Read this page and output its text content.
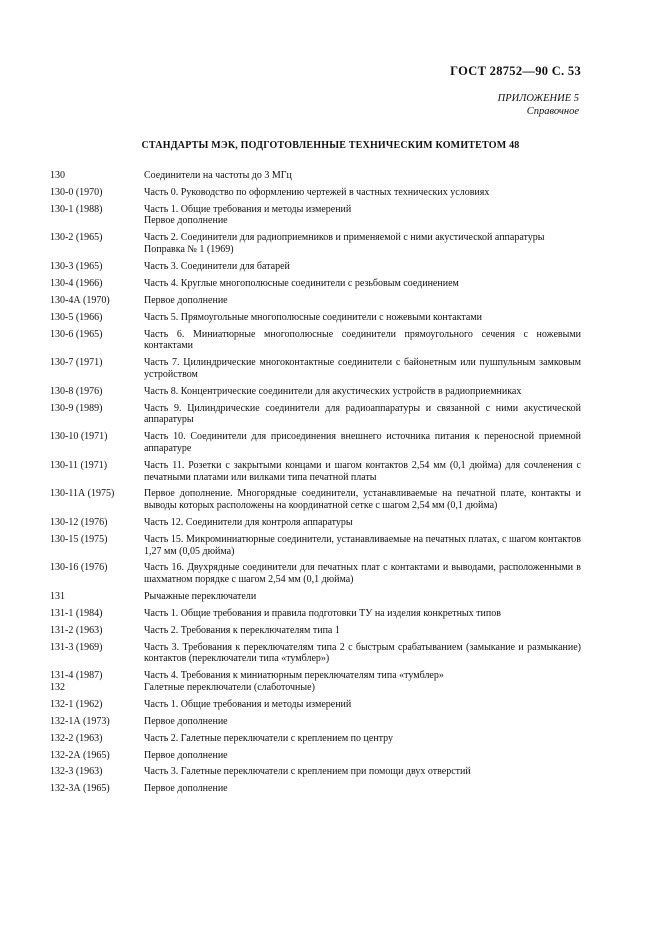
ГОСТ 28752—90 С. 53
ПРИЛОЖЕНИЕ 5
Справочное
СТАНДАРТЫ МЭК, ПОДГОТОВЛЕННЫЕ ТЕХНИЧЕСКИМ КОМИТЕТОМ 48
130	Соединители на частоты до 3 МГц
130-0 (1970)	Часть 0. Руководство по оформлению чертежей в частных технических условиях
130-1 (1988)	Часть 1. Общие требования и методы измерений
Первое дополнение
130-2 (1965)	Часть 2. Соединители для радиоприемников и применяемой с ними акустической аппаратуры
Поправка № 1 (1969)
130-3 (1965)	Часть 3. Соединители для батарей
130-4 (1966)	Часть 4. Круглые многополюсные соединители с резьбовым соединением
130-4А (1970)	Первое дополнение
130-5 (1966)	Часть 5. Прямоугольные многополюсные соединители с ножевыми контактами
130-6 (1965)	Часть 6. Миниатюрные многополюсные соединители прямоугольного сечения с ножевыми контактами
130-7 (1971)	Часть 7. Цилиндрические многоконтактные соединители с байонетным или пушпульным замковым устройством
130-8 (1976)	Часть 8. Концентрические соединители для акустических устройств в радиоприемниках
130-9 (1989)	Часть 9. Цилиндрические соединители для радиоаппаратуры и связанной с ними акустической аппаратуры
130-10 (1971)	Часть 10. Соединители для присоединения внешнего источника питания к переносной приемной аппаратуре
130-11 (1971)	Часть 11. Розетки с закрытыми концами и шагом контактов 2,54 мм (0,1 дюйма) для сочленения с печатными платами или вилками типа печатной платы
130-11А (1975)	Первое дополнение. Многорядные соединители, устанавливаемые на печатной плате, контакты и выводы которых расположены на координатной сетке с шагом 2,54 мм (0,1 дюйма)
130-12 (1976)	Часть 12. Соединители для контроля аппаратуры
130-15 (1975)	Часть 15. Микроминиатюрные соединители, устанавливаемые на печатных платах, с шагом контактов 1,27 мм (0,05 дюйма)
130-16 (1976)	Часть 16. Двухрядные соединители для печатных плат с контактами и выводами, расположенными в шахматном порядке с шагом 2,54 мм (0,1 дюйма)
131	Рычажные переключатели
131-1 (1984)	Часть 1. Общие требования и правила подготовки ТУ на изделия конкретных типов
131-2 (1963)	Часть 2. Требования к переключателям типа 1
131-3 (1969)	Часть 3. Требования к переключателям типа 2 с быстрым срабатыванием (замыкание и размыкание) контактов (переключатели типа «тумблер»)
131-4 (1987)	Часть 4. Требования к миниатюрным переключателям типа «тумблер»
132	Галетные переключатели (слаботочные)
132-1 (1962)	Часть 1. Общие требования и методы измерений
132-1А (1973)	Первое дополнение
132-2 (1963)	Часть 2. Галетные переключатели с креплением по центру
132-2А (1965)	Первое дополнение
132-3 (1963)	Часть 3. Галетные переключатели с креплением при помощи двух отверстий
132-3А (1965)	Первое дополнение
